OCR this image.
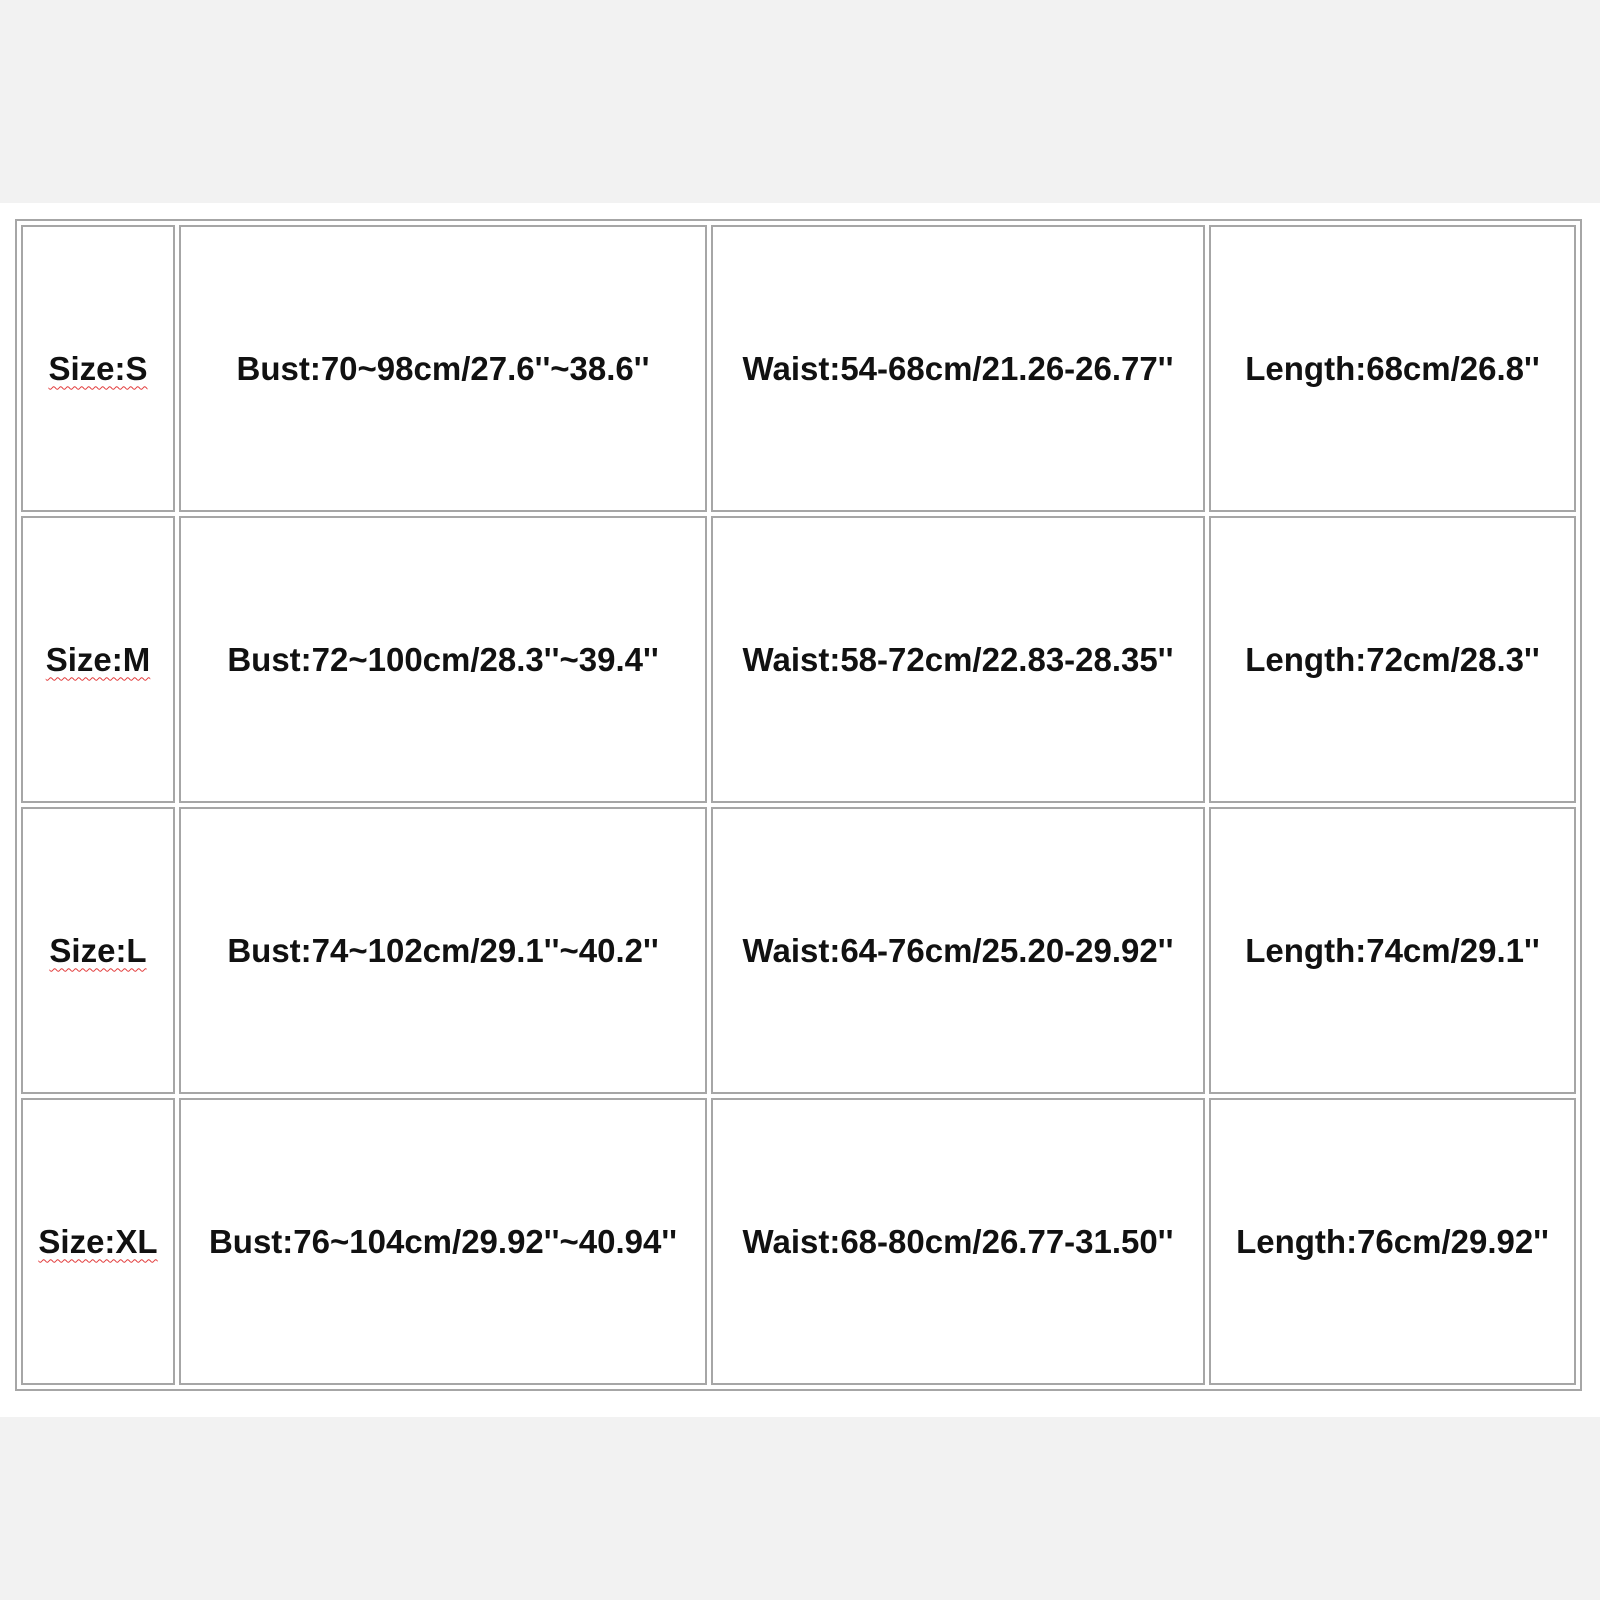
Size:S	Bust:70~98cm/27.6''~38.6''	Waist:54-68cm/21.26-26.77''	Length:68cm/26.8''
Size:M	Bust:72~100cm/28.3''~39.4''	Waist:58-72cm/22.83-28.35''	Length:72cm/28.3''
Size:L	Bust:74~102cm/29.1''~40.2''	Waist:64-76cm/25.20-29.92''	Length:74cm/29.1''
Size:XL	Bust:76~104cm/29.92''~40.94''	Waist:68-80cm/26.77-31.50''	Length:76cm/29.92''
